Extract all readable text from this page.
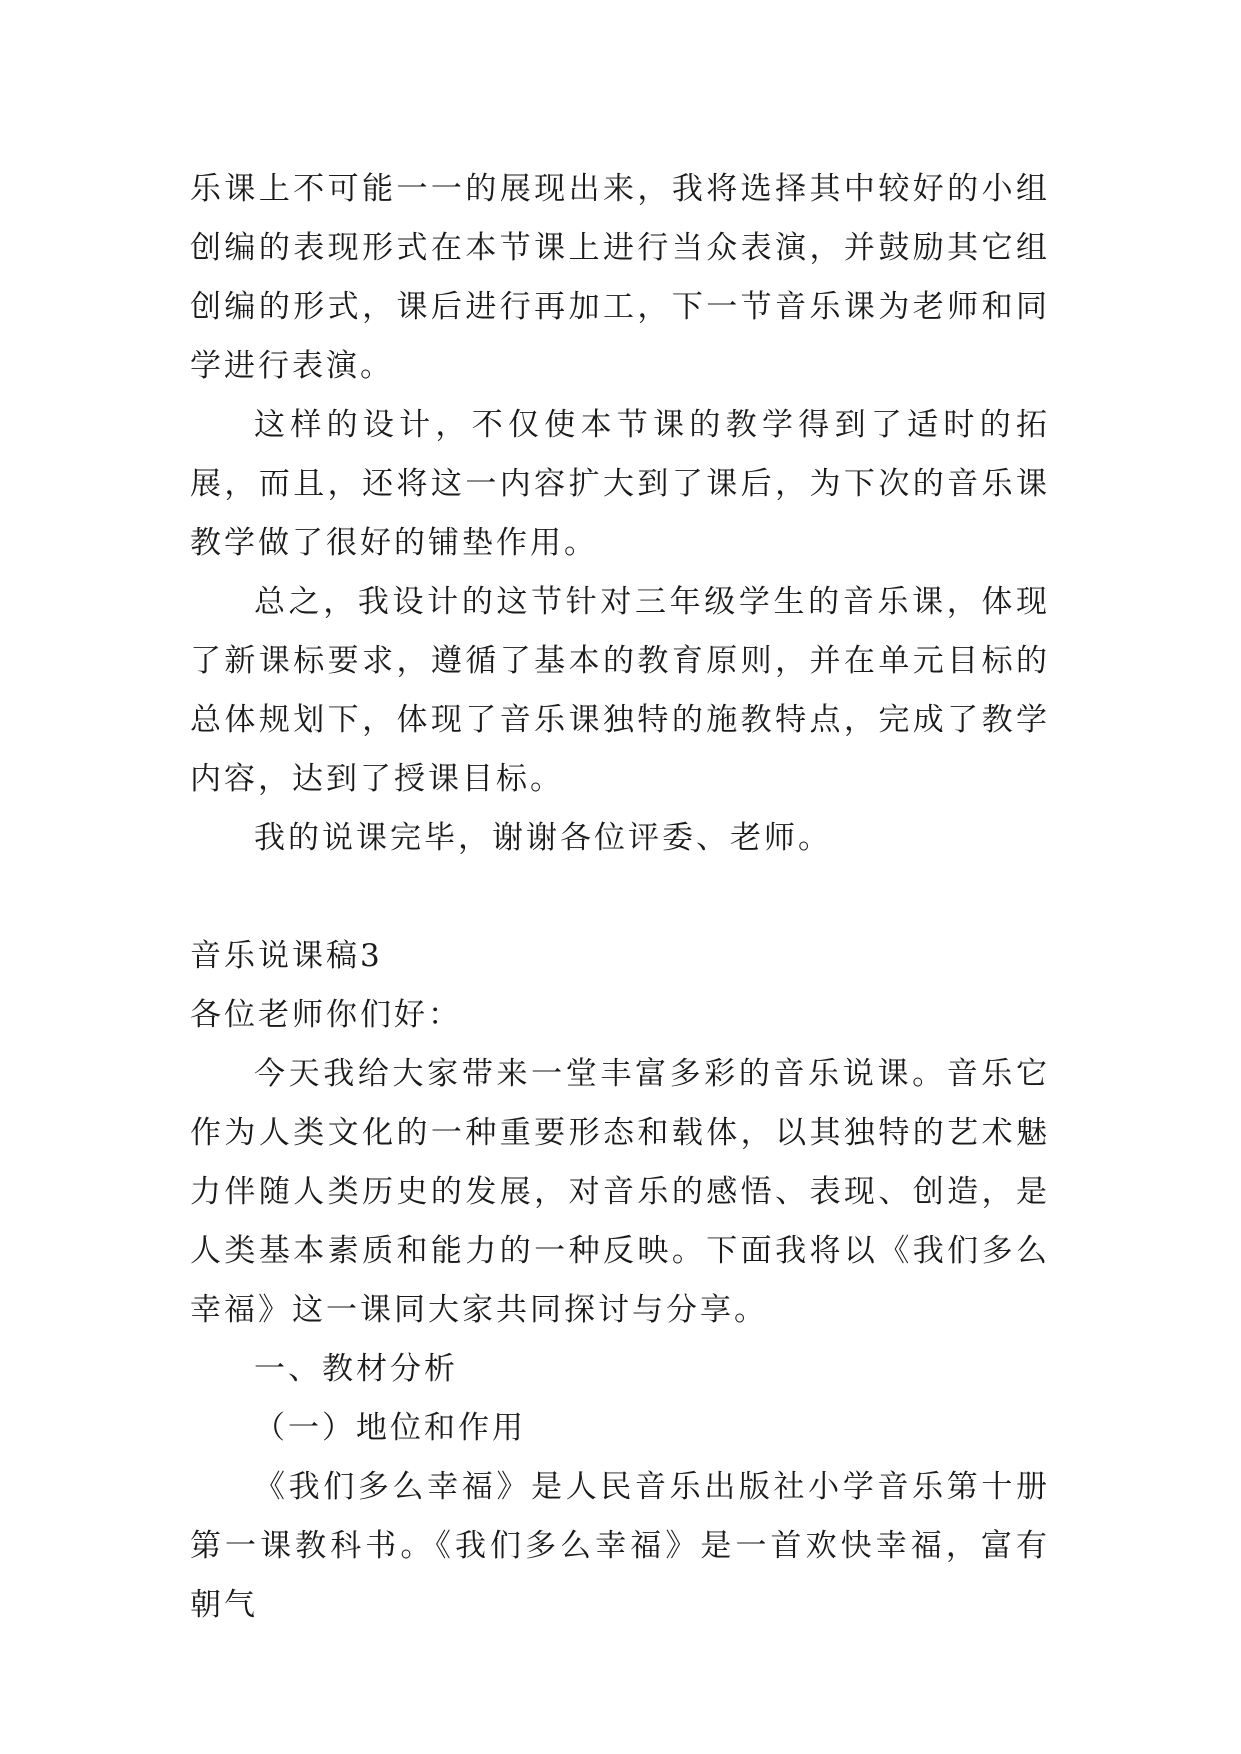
乐课上不可能一一的展现出来，我将选择其中较好的小组创编的表现形式在本节课上进行当众表演，并鼓励其它组创编的形式，课后进行再加工，下一节音乐课为老师和同学进行表演。

这样的设计，不仅使本节课的教学得到了适时的拓展，而且，还将这一内容扩大到了课后，为下次的音乐课教学做了很好的铺垫作用。

总之，我设计的这节针对三年级学生的音乐课，体现了新课标要求，遵循了基本的教育原则，并在单元目标的总体规划下，体现了音乐课独特的施教特点，完成了教学内容，达到了授课目标。

我的说课完毕，谢谢各位评委、老师。

音乐说课稿3

各位老师你们好：

今天我给大家带来一堂丰富多彩的音乐说课。音乐它作为人类文化的一种重要形态和载体，以其独特的艺术魅力伴随人类历史的发展，对音乐的感悟、表现、创造，是人类基本素质和能力的一种反映。下面我将以《我们多么幸福》这一课同大家共同探讨与分享。

一、教材分析

（一）地位和作用

《我们多么幸福》是人民音乐出版社小学音乐第十册第一课教科书。《我们多么幸福》是一首欢快幸福，富有朝气
